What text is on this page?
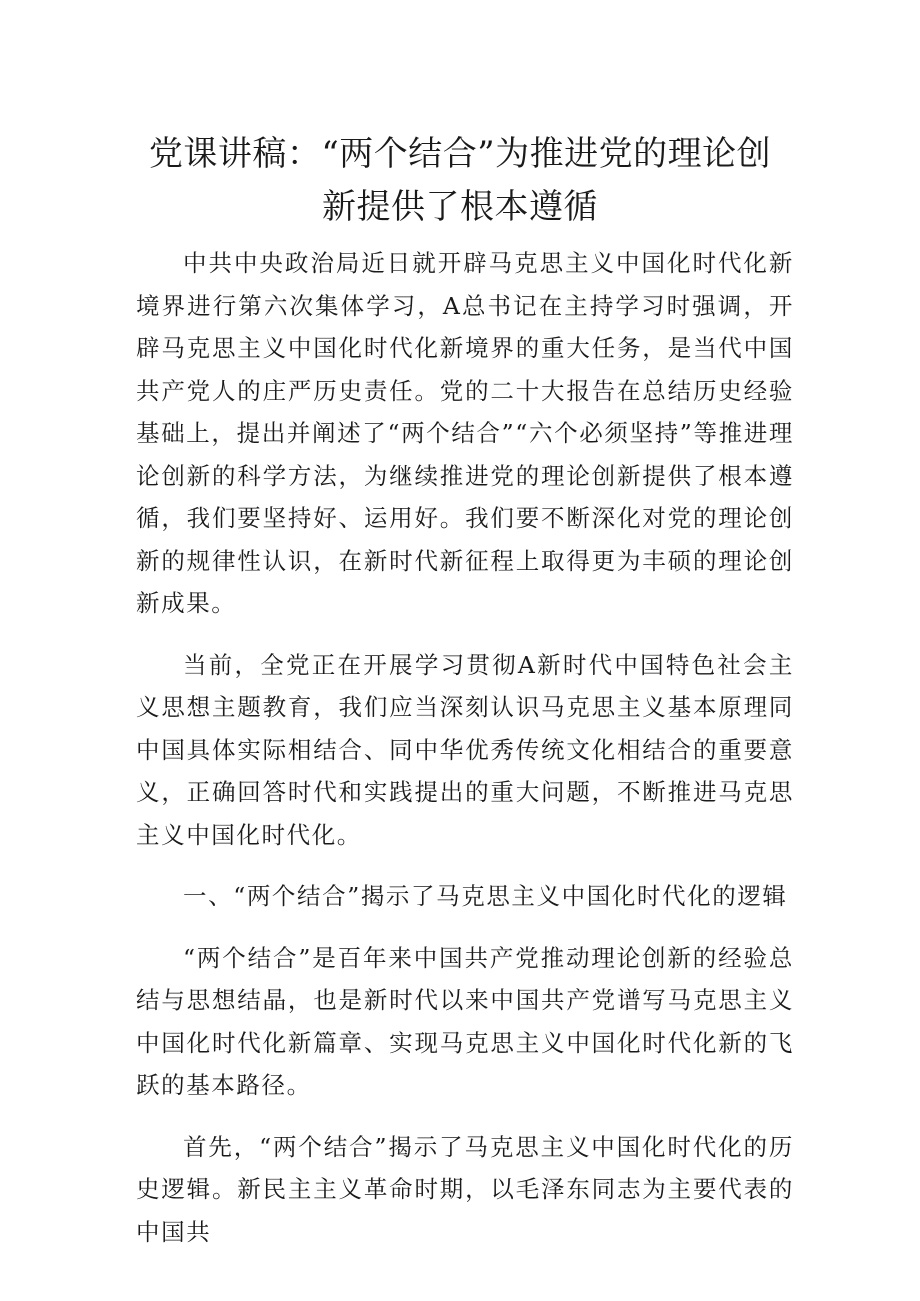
党课讲稿：“两个结合”为推进党的理论创
新提供了根本遵循

中共中央政治局近日就开辟马克思主义中国化时代化新境界进行第六次集体学习，A总书记在主持学习时强调，开辟马克思主义中国化时代化新境界的重大任务，是当代中国共产党人的庄严历史责任。党的二十大报告在总结历史经验基础上，提出并阐述了“两个结合”“六个必须坚持”等推进理论创新的科学方法，为继续推进党的理论创新提供了根本遵循，我们要坚持好、运用好。我们要不断深化对党的理论创新的规律性认识，在新时代新征程上取得更为丰硕的理论创新成果。

当前，全党正在开展学习贯彻A新时代中国特色社会主义思想主题教育，我们应当深刻认识马克思主义基本原理同中国具体实际相结合、同中华优秀传统文化相结合的重要意义，正确回答时代和实践提出的重大问题，不断推进马克思主义中国化时代化。

一、“两个结合”揭示了马克思主义中国化时代化的逻辑

“两个结合”是百年来中国共产党推动理论创新的经验总结与思想结晶，也是新时代以来中国共产党谱写马克思主义中国化时代化新篇章、实现马克思主义中国化时代化新的飞跃的基本路径。

首先，“两个结合”揭示了马克思主义中国化时代化的历史逻辑。新民主主义革命时期，以毛泽东同志为主要代表的中国共
